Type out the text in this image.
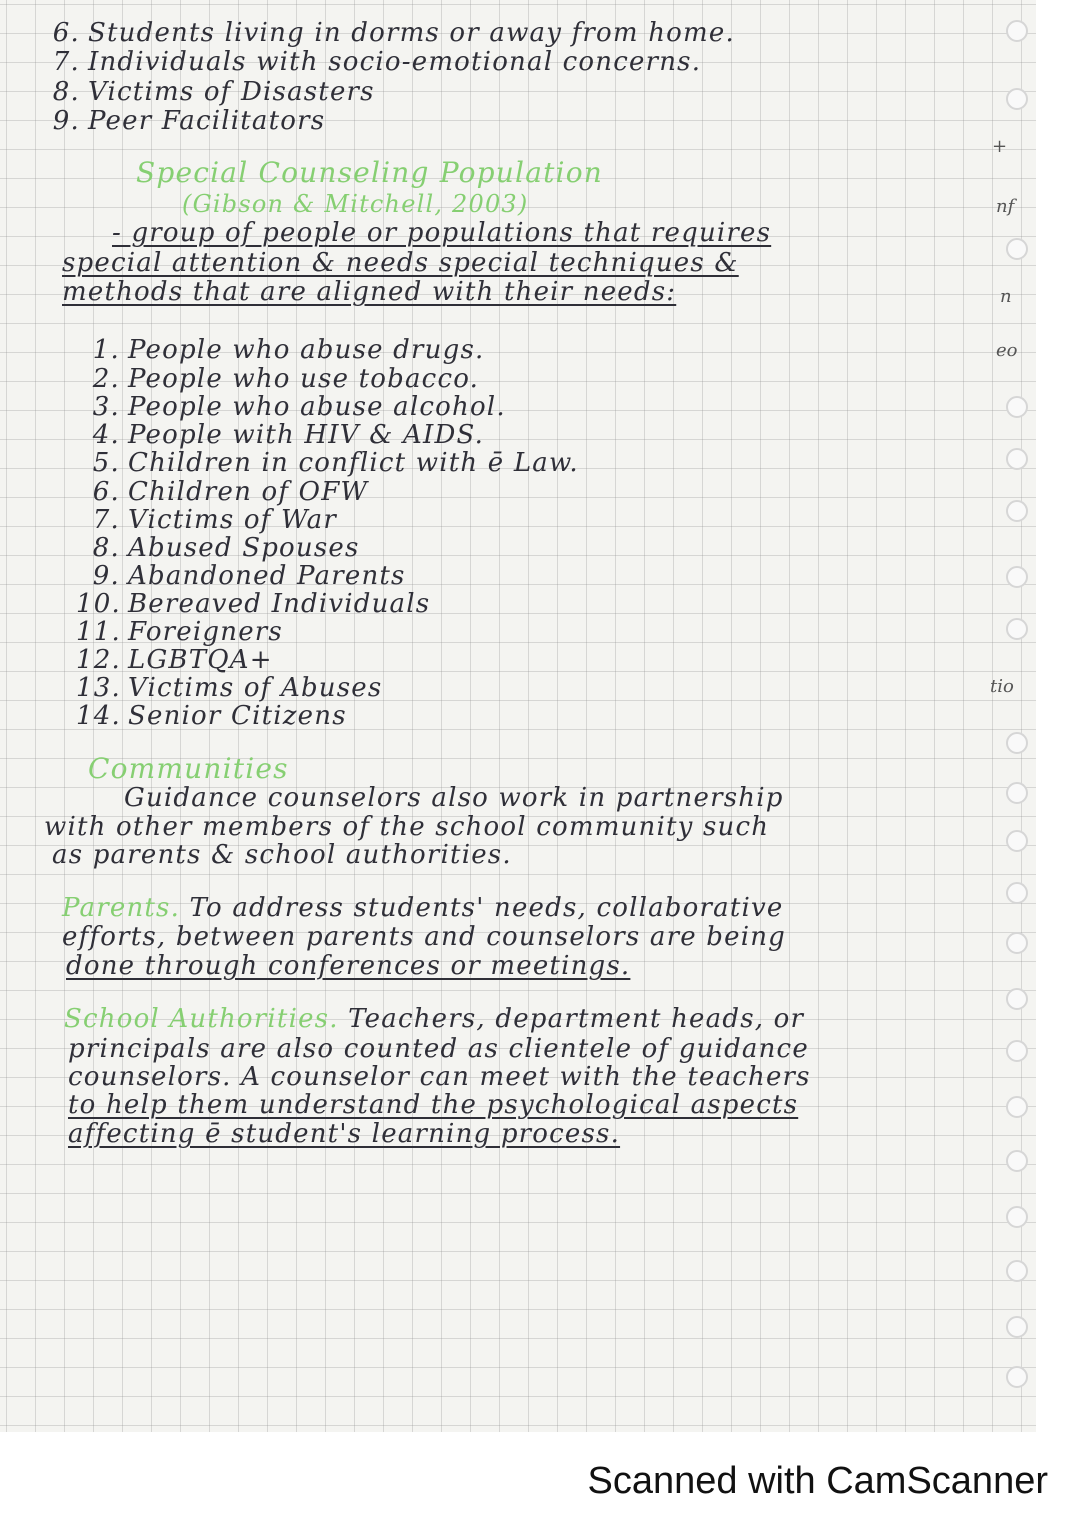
6. Students living in dorms or away from home.
7. Individuals with socio-emotional concerns.
8. Victims of Disasters
9. Peer Facilitators
Special Counseling Population
(Gibson & Mitchell, 2003)
- group of people or populations that requires
special attention & needs special techniques &
methods that are aligned with their needs:
1. People who abuse drugs.
2. People who use tobacco.
3. People who abuse alcohol.
4. People with HIV & AIDS.
5. Children in conflict with ē Law.
6. Children of OFW
7. Victims of War
8. Abused Spouses
9. Abandoned Parents
10. Bereaved Individuals
11. Foreigners
12. LGBTQA+
13. Victims of Abuses
14. Senior Citizens
Communities
Guidance counselors also work in partnership
with other members of the school community such
as parents & school authorities.
Parents. To address students' needs, collaborative
efforts, between parents and counselors are being
done through conferences or meetings.
School Authorities. Teachers, department heads, or
principals are also counted as clientele of guidance
counselors. A counselor can meet with the teachers
to help them understand the psychological aspects
affecting ē student's learning process.
+
nf
n
eo
tio
Scanned with CamScanner
